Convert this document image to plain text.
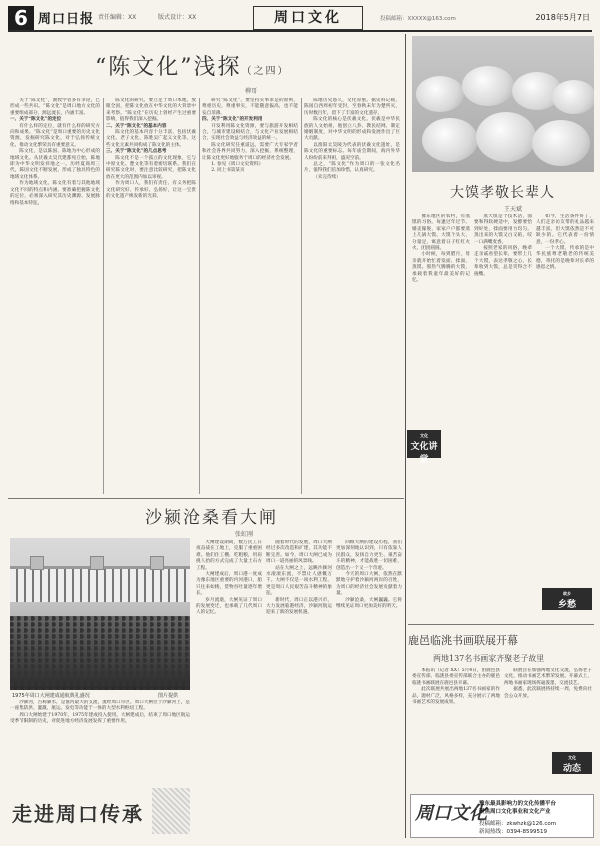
6 周口日报 责任编辑：XX	版式设计：XX	周口文化	投稿邮箱：XXXXX@163.com	2018年5月7日
“陈文化”浅探（之四）
柳哥

关于“陈文化”，教授学者多有争论，已形成一些共识。“陈文化”是周口地方文化的重要组成部分，源远流长，内涵丰富。

一、关于“陈文化”的定位

有什么样的定位，就有什么样的研究方向和成果。“陈文化”是周口重要的历史文化资源，发掘研究陈文化，对于弘扬传统文化、推动文化繁荣具有重要意义。

陈文化，是以陈国、陈地为中心形成的地域文化。从伏羲太昊氏建都宛丘始，陈地即为中华文明发祥地之一。历经夏商周三代，陈国文化不断发展，形成了独具特色的地域文化体系。

作为地域文化，陈文化有着与其他地域文化不同的特点和内涵。要准确把握陈文化的定位，必须深入研究其历史渊源、发展脉络和基本特征。

陈文化的研究，要立足于周口本地，放眼全国，把陈文化放在中华文化的大背景中来考察。“陈文化”在历史上曾经产生过重要影响，值得我们深入挖掘。

二、关于“陈文化”的基本内容

陈文化的基本内容十分丰富，包括伏羲文化、老子文化、陈胜吴广起义文化等。这些文化元素共同构成了陈文化的主体。

三、关于“陈文化”的几点思考

陈文化不是一个孤立的文化现象，它与中原文化、楚文化等有着密切联系。我们在研究陈文化时，要注意比较研究，把陈文化放在更大的范围内加以审视。

作为周口人，我们有责任、有义务把陈文化研究好、传承好、弘扬好，让这一宝贵的文化遗产焕发新的光彩。

研究“陈文化”，要坚持实事求是的原则，尊重历史，尊重事实，不能随意拔高，也不能妄自菲薄。

四、关于“陈文化”的开发利用

开发利用陈文化资源，要与旅游开发相结合，与城市建设相结合，与文化产业发展相结合，实现社会效益与经济效益的统一。

陈文化研究任重道远，需要广大专家学者和社会各界共同努力，深入挖掘，系统整理，让陈文化更好地服务于周口的经济社会发展。

1. 参见《周口文史资料》

2. 同上书第某页

陈地历史悠久，文化厚重。据史料记载，陈国自西周初年受封，至春秋末年为楚所灭，历时数百年，留下了丰富的文化遗存。

陈文化的核心是伏羲文化。伏羲是中华民族的人文始祖，他创立八卦、教民结网、制定婚姻制度，对中华文明的形成和发展作出了巨大贡献。

以淮阳太昊陵为代表的伏羲文化遗址，是陈文化的重要标志。每年庙会期间，海内外华人纷纷前来拜祖，盛况空前。

总之，“陈文化”作为周口的一张文化名片，值得我们倍加珍惜，认真研究。

（未完待续）

沙颍沧桑看大闸
张虹刚
1975年周口大闸建成通航典礼盛况	图片提供

沙颍河，古称颍水，是淮河最大的支流，流经周口市区。周口大闸位于沙颍河上，是一座集防洪、灌溉、航运、发电等功能于一体的大型水利枢纽工程。

周口大闸始建于1970年，1975年建成投入使用。大闸建成后，结束了周口地区航运受季节限制的历史，对促进地方经济发展发挥了重要作用。

大闸建设期间，数万民工日夜奋战在工地上，克服了重重困难。他们住工棚、吃粗粮，用肩挑人抬的方式完成了大量土石方工程。

大闸建成后，周口港一度成为豫东地区重要的内河港口，船只往来如梭，货物吞吐量逐年增长。

岁月流逝，大闸见证了周口的发展变迁，也承载了几代周口人的记忆。

随着时代的发展，周口大闸经过多次改造和扩建，其功能不断完善。如今，周口大闸已成为周口一道亮丽的风景线。

站在大闸之上，远眺沙颍河水滚滚东流，不禁让人感慨万千。大闸不仅是一项水利工程，更是周口人民艰苦奋斗精神的象征。

新时代，周口正以港兴市，大力发展临港经济，沙颍河航运迎来了新的发展机遇。

回顾大闸的建设历程，我们更加深刻地认识到，只有依靠人民群众，发扬自力更生、艰苦奋斗的精神，才能战胜一切困难，创造出一个又一个奇迹。

今天的周口大闸，依然在默默地守护着沙颍河两岸的百姓，为周口的经济社会发展贡献着力量。

沙颍沧桑，大闸巍巍。它将继续见证周口更加美好的明天。

走进周口传承
大馍孝敬长辈人
王天斌
文化
文化讲堂

豫东地区的农村，有蒸馍的习俗。每逢过年过节、婚丧嫁娶，家家户户都要蒸上几锅大馍。大馍个头大、分量足，寓意着日子红红火火、团团圆圆。

小时候，每到腊月，母亲就开始忙着发面、揉面、蒸馍。那热气腾腾的大馍，承载着我童年最美好的记忆。

蒸大馍是个技术活，面要和得软硬适中，发酵要恰到好处，揉面要用力均匀。蒸出来的大馍又白又暄，咬一口满嘴麦香。

按照老家的风俗，晚辈走亲戚看望长辈，要带上几个大馍，表达孝敬之心。长辈收到大馍，总是笑得合不拢嘴。

如今，生活条件好了，人们走亲访友带的礼品越来越丰富，但大馍依然是不可缺少的。它代表着一份情意，一份孝心。

一个大馍，传承的是中华民族尊老敬老的传统美德，寄托的是晚辈对长辈的感恩之情。

故乡
乡愁
鹿邑临洮书画联展开幕
两地137名书画家齐聚老子故里

本报讯（记者 XX）5月4日，由鹿邑县委宣传部、临洮县委宣传部联合主办的鹿邑临洮书画联展在鹿邑县开幕。

此次联展共展出两地137名书画家的作品，题材广泛，风格多样，充分展示了两地书画艺术的发展成果。

联展旨在加强两地文化交流，弘扬老子文化，推动书画艺术繁荣发展。开幕式上，两地书画家现场挥毫泼墨，交流技艺。

据悉，此次联展将持续一周，免费向社会公众开放。

文化
动态
周口文化
豫东最具影响力的文化传播平台
聚焦周口文化事业和文化产业
投稿邮箱：zkwhzk@126.com
新闻热线：0394-8599519
